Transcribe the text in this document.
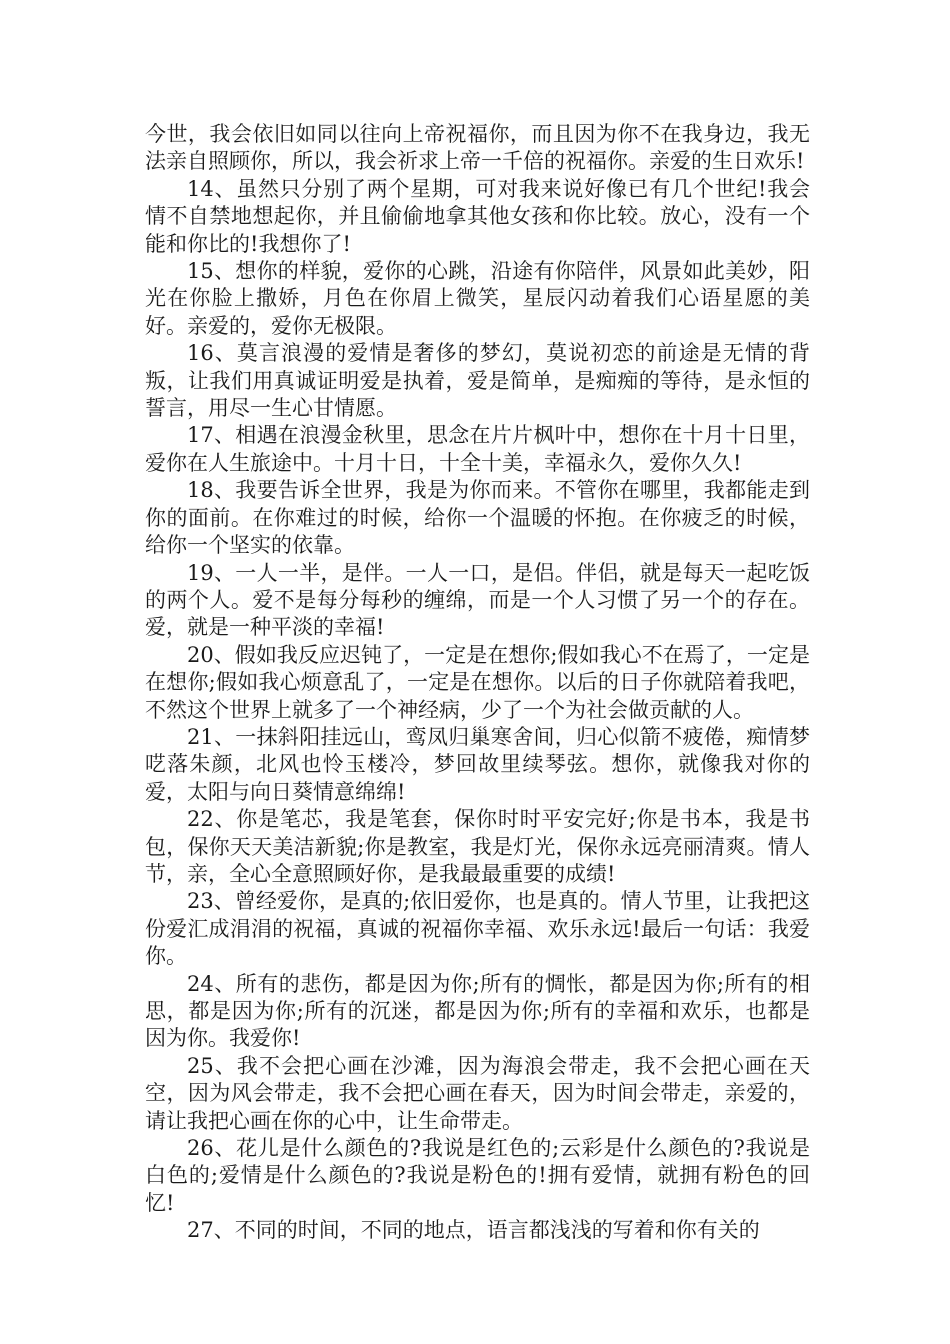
今世，我会依旧如同以往向上帝祝福你，而且因为你不在我身边，我无法亲自照顾你，所以，我会祈求上帝一千倍的祝福你。亲爱的生日欢乐!

14、虽然只分别了两个星期，可对我来说好像已有几个世纪!我会情不自禁地想起你，并且偷偷地拿其他女孩和你比较。放心，没有一个能和你比的!我想你了!

15、想你的样貌，爱你的心跳，沿途有你陪伴，风景如此美妙，阳光在你脸上撒娇，月色在你眉上微笑，星辰闪动着我们心语星愿的美好。亲爱的，爱你无极限。

16、莫言浪漫的爱情是奢侈的梦幻，莫说初恋的前途是无情的背叛，让我们用真诚证明爱是执着，爱是简单，是痴痴的等待，是永恒的誓言，用尽一生心甘情愿。

17、相遇在浪漫金秋里，思念在片片枫叶中，想你在十月十日里，爱你在人生旅途中。十月十日，十全十美，幸福永久，爱你久久!

18、我要告诉全世界，我是为你而来。不管你在哪里，我都能走到你的面前。在你难过的时候，给你一个温暖的怀抱。在你疲乏的时候，给你一个坚实的依靠。

19、一人一半，是伴。一人一口，是侣。伴侣，就是每天一起吃饭的两个人。爱不是每分每秒的缠绵，而是一个人习惯了另一个的存在。爱，就是一种平淡的幸福!

20、假如我反应迟钝了，一定是在想你;假如我心不在焉了，一定是在想你;假如我心烦意乱了，一定是在想你。以后的日子你就陪着我吧，不然这个世界上就多了一个神经病，少了一个为社会做贡献的人。

21、一抹斜阳挂远山，鸾凤归巢寒舍间，归心似箭不疲倦，痴情梦呓落朱颜，北风也怜玉楼冷，梦回故里续琴弦。想你，就像我对你的爱，太阳与向日葵情意绵绵!

22、你是笔芯，我是笔套，保你时时平安完好;你是书本，我是书包，保你天天美洁新貌;你是教室，我是灯光，保你永远亮丽清爽。情人节，亲，全心全意照顾好你，是我最最重要的成绩!

23、曾经爱你，是真的;依旧爱你，也是真的。情人节里，让我把这份爱汇成涓涓的祝福，真诚的祝福你幸福、欢乐永远!最后一句话：我爱你。

24、所有的悲伤，都是因为你;所有的惆怅，都是因为你;所有的相思，都是因为你;所有的沉迷，都是因为你;所有的幸福和欢乐，也都是因为你。我爱你!

25、我不会把心画在沙滩，因为海浪会带走，我不会把心画在天空，因为风会带走，我不会把心画在春天，因为时间会带走，亲爱的，请让我把心画在你的心中，让生命带走。

26、花儿是什么颜色的?我说是红色的;云彩是什么颜色的?我说是白色的;爱情是什么颜色的?我说是粉色的!拥有爱情，就拥有粉色的回忆!

27、不同的时间，不同的地点，语言都浅浅的写着和你有关的
